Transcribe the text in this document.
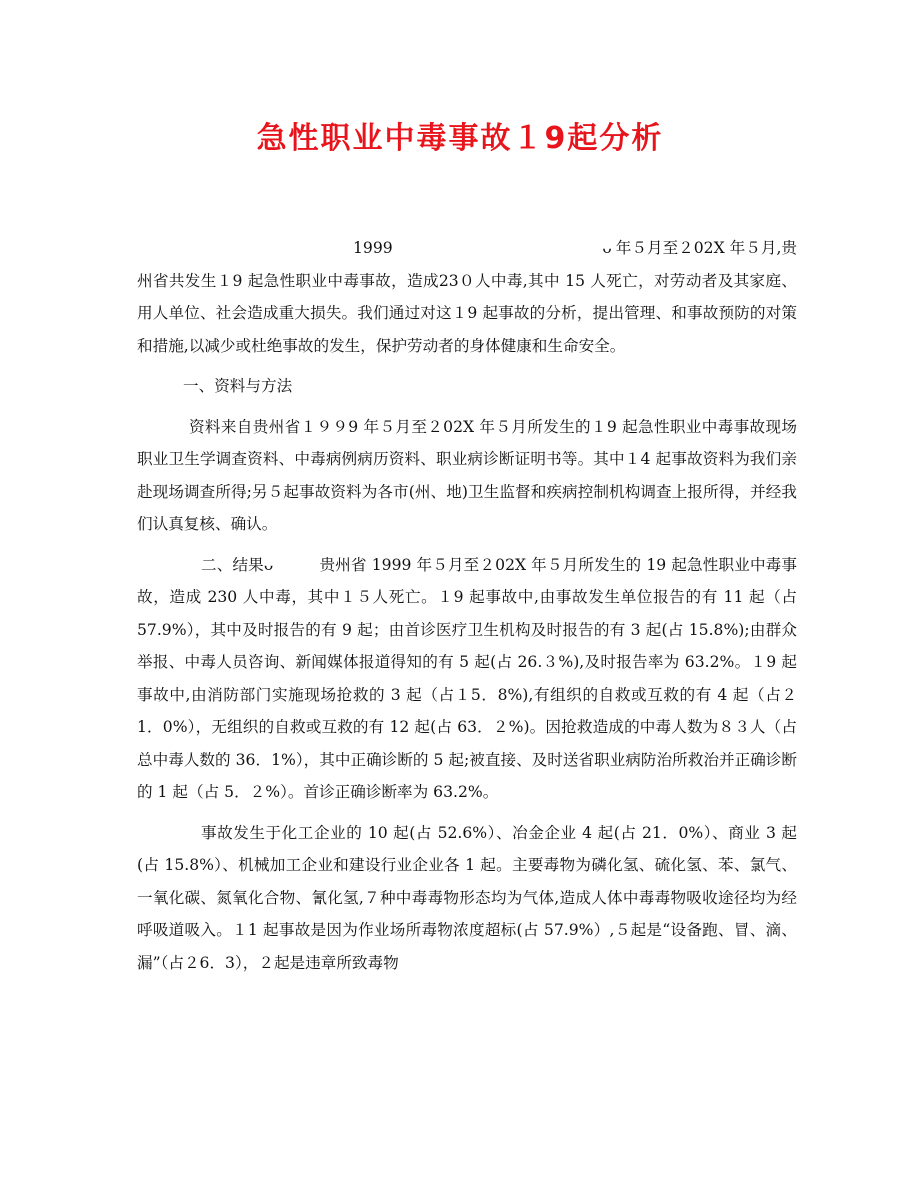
急性职业中毒事故１9起分析
1999	ᴗ 年５月至２02X 年５月,贵

州省共发生１9 起急性职业中毒事故，造成23０人中毒,其中 15 人死亡，对劳动者及其家庭、用人单位、社会造成重大损失。我们通过对这１9 起事故的分析，提出管理、和事故预防的对策和措施,以减少或杜绝事故的发生，保护劳动者的身体健康和生命安全。

一、资料与方法

资料来自贵州省１９９9 年５月至２02X 年５月所发生的１9 起急性职业中毒事故现场职业卫生学调查资料、中毒病例病历资料、职业病诊断证明书等。其中１4 起事故资料为我们亲赴现场调查所得;另５起事故资料为各市(州、地)卫生监督和疾病控制机构调查上报所得，并经我们认真复核、确认。

二、结果ᴗ	贵州省 1999 年５月至２02X 年５月所发生的 19 起急性职业中毒事故，造成 230 人中毒，其中１５人死亡。１9 起事故中,由事故发生单位报告的有 11 起（占 57.9%），其中及时报告的有 9 起；由首诊医疗卫生机构及时报告的有 3 起(占 15.8%);由群众举报、中毒人员咨询、新闻媒体报道得知的有 5 起(占 26.３%),及时报告率为 63.2%。１9 起事故中,由消防部门实施现场抢救的 3 起（占１5．8%),有组织的自救或互救的有 4 起（占２1．0%），无组织的自救或互救的有 12 起(占 63．２%)。因抢救造成的中毒人数为８３人（占总中毒人数的 36．1%），其中正确诊断的 5 起;被直接、及时送省职业病防治所救治并正确诊断的 1 起（占 5．２%）。首诊正确诊断率为 63.2%。

事故发生于化工企业的 10 起(占 52.6%）、冶金企业 4 起(占 21．0%）、商业 3 起(占 15.8%）、机械加工企业和建设行业企业各 1 起。主要毒物为磷化氢、硫化氢、苯、氯气、一氧化碳、氮氧化合物、氰化氢,７种中毒毒物形态均为气体,造成人体中毒毒物吸收途径均为经呼吸道吸入。１1 起事故是因为作业场所毒物浓度超标(占 57.9%）,５起是“设备跑、冒、滴、漏”（占２6．3），２起是违章所致毒物
